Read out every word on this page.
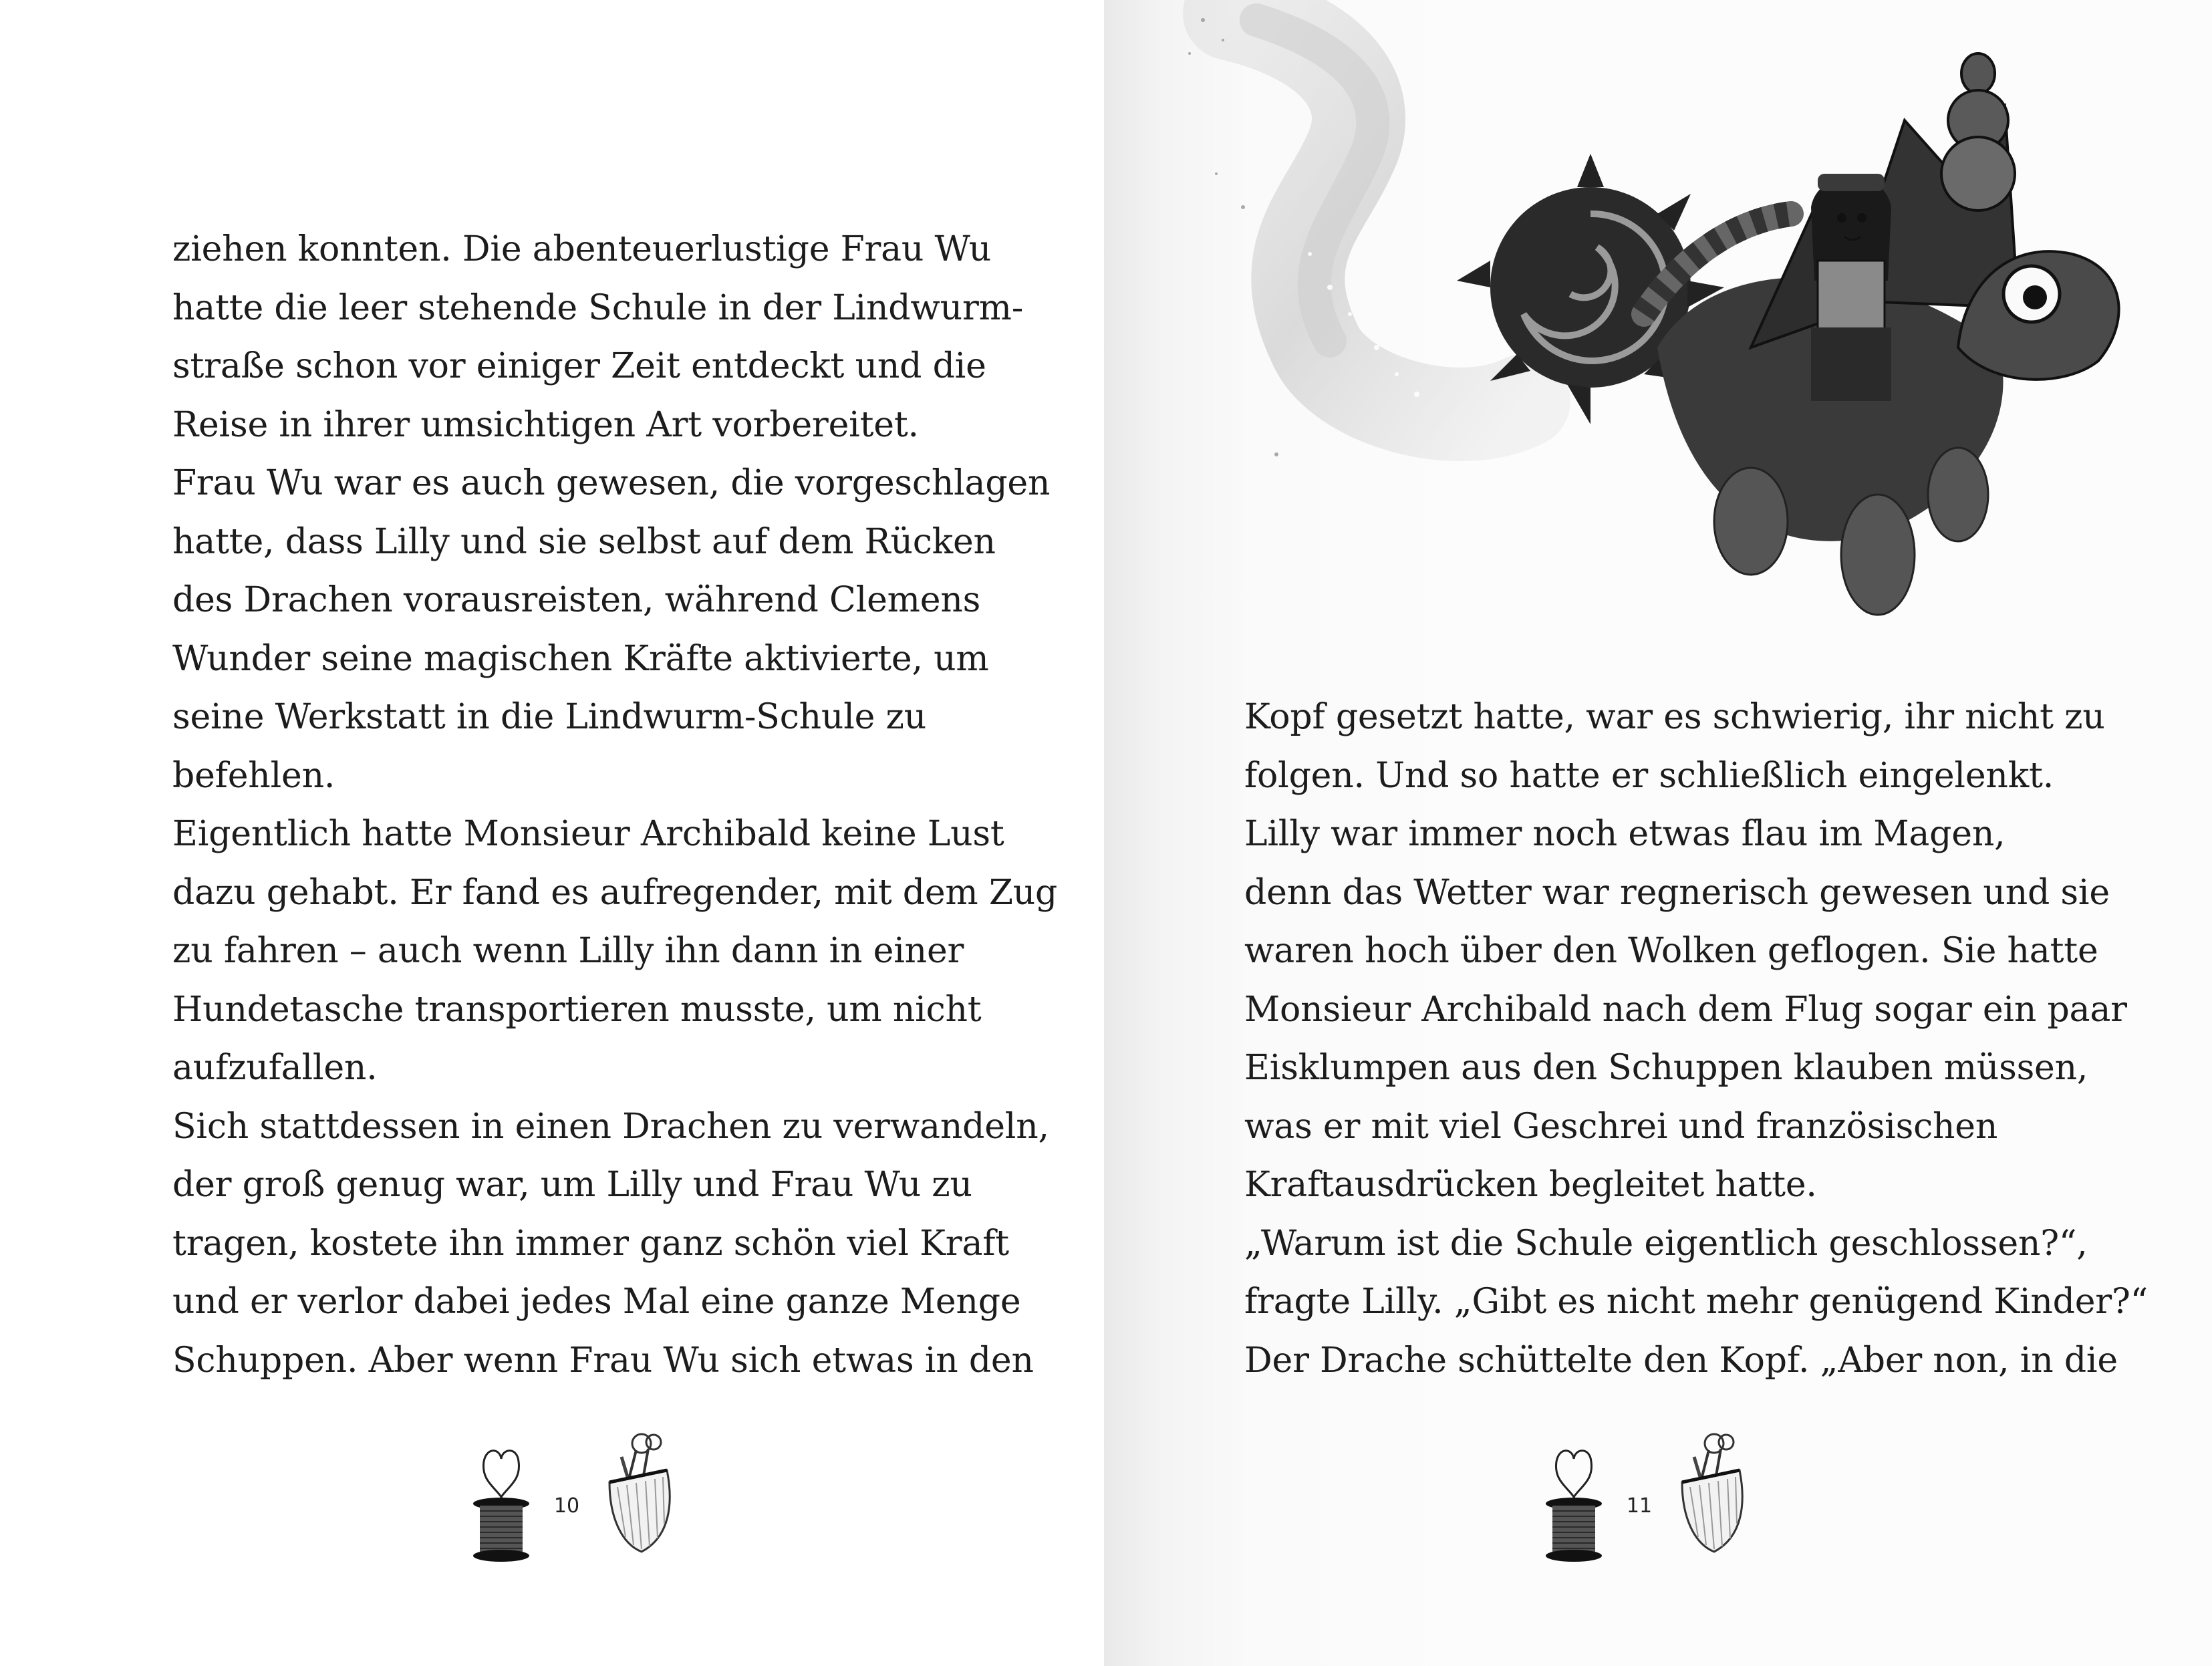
ziehen konnten. Die abenteuerlustige Frau Wu
hatte die leer stehende Schule in der Lindwurm-
straße schon vor einiger Zeit entdeckt und die
Reise in ihrer umsichtigen Art vorbereitet.
Frau Wu war es auch gewesen, die vorgeschlagen
hatte, dass Lilly und sie selbst auf dem Rücken
des Drachen vorausreisten, während Clemens
Wunder seine magischen Kräfte aktivierte, um
seine Werkstatt in die Lindwurm-Schule zu
befehlen.
Eigentlich hatte Monsieur Archibald keine Lust
dazu gehabt. Er fand es aufregender, mit dem Zug
zu fahren – auch wenn Lilly ihn dann in einer
Hundetasche transportieren musste, um nicht
aufzufallen.
Sich stattdessen in einen Drachen zu verwandeln,
der groß genug war, um Lilly und Frau Wu zu
tragen, kostete ihn immer ganz schön viel Kraft
und er verlor dabei jedes Mal eine ganze Menge
Schuppen. Aber wenn Frau Wu sich etwas in den
10
Kopf gesetzt hatte, war es schwierig, ihr nicht zu
folgen. Und so hatte er schließlich eingelenkt.
Lilly war immer noch etwas flau im Magen,
denn das Wetter war regnerisch gewesen und sie
waren hoch über den Wolken geflogen. Sie hatte
Monsieur Archibald nach dem Flug sogar ein paar
Eisklumpen aus den Schuppen klauben müssen,
was er mit viel Geschrei und französischen
Kraftausdrücken begleitet hatte.
„Warum ist die Schule eigentlich geschlossen?“,
fragte Lilly. „Gibt es nicht mehr genügend Kinder?“
Der Drache schüttelte den Kopf. „Aber non, in die
11
